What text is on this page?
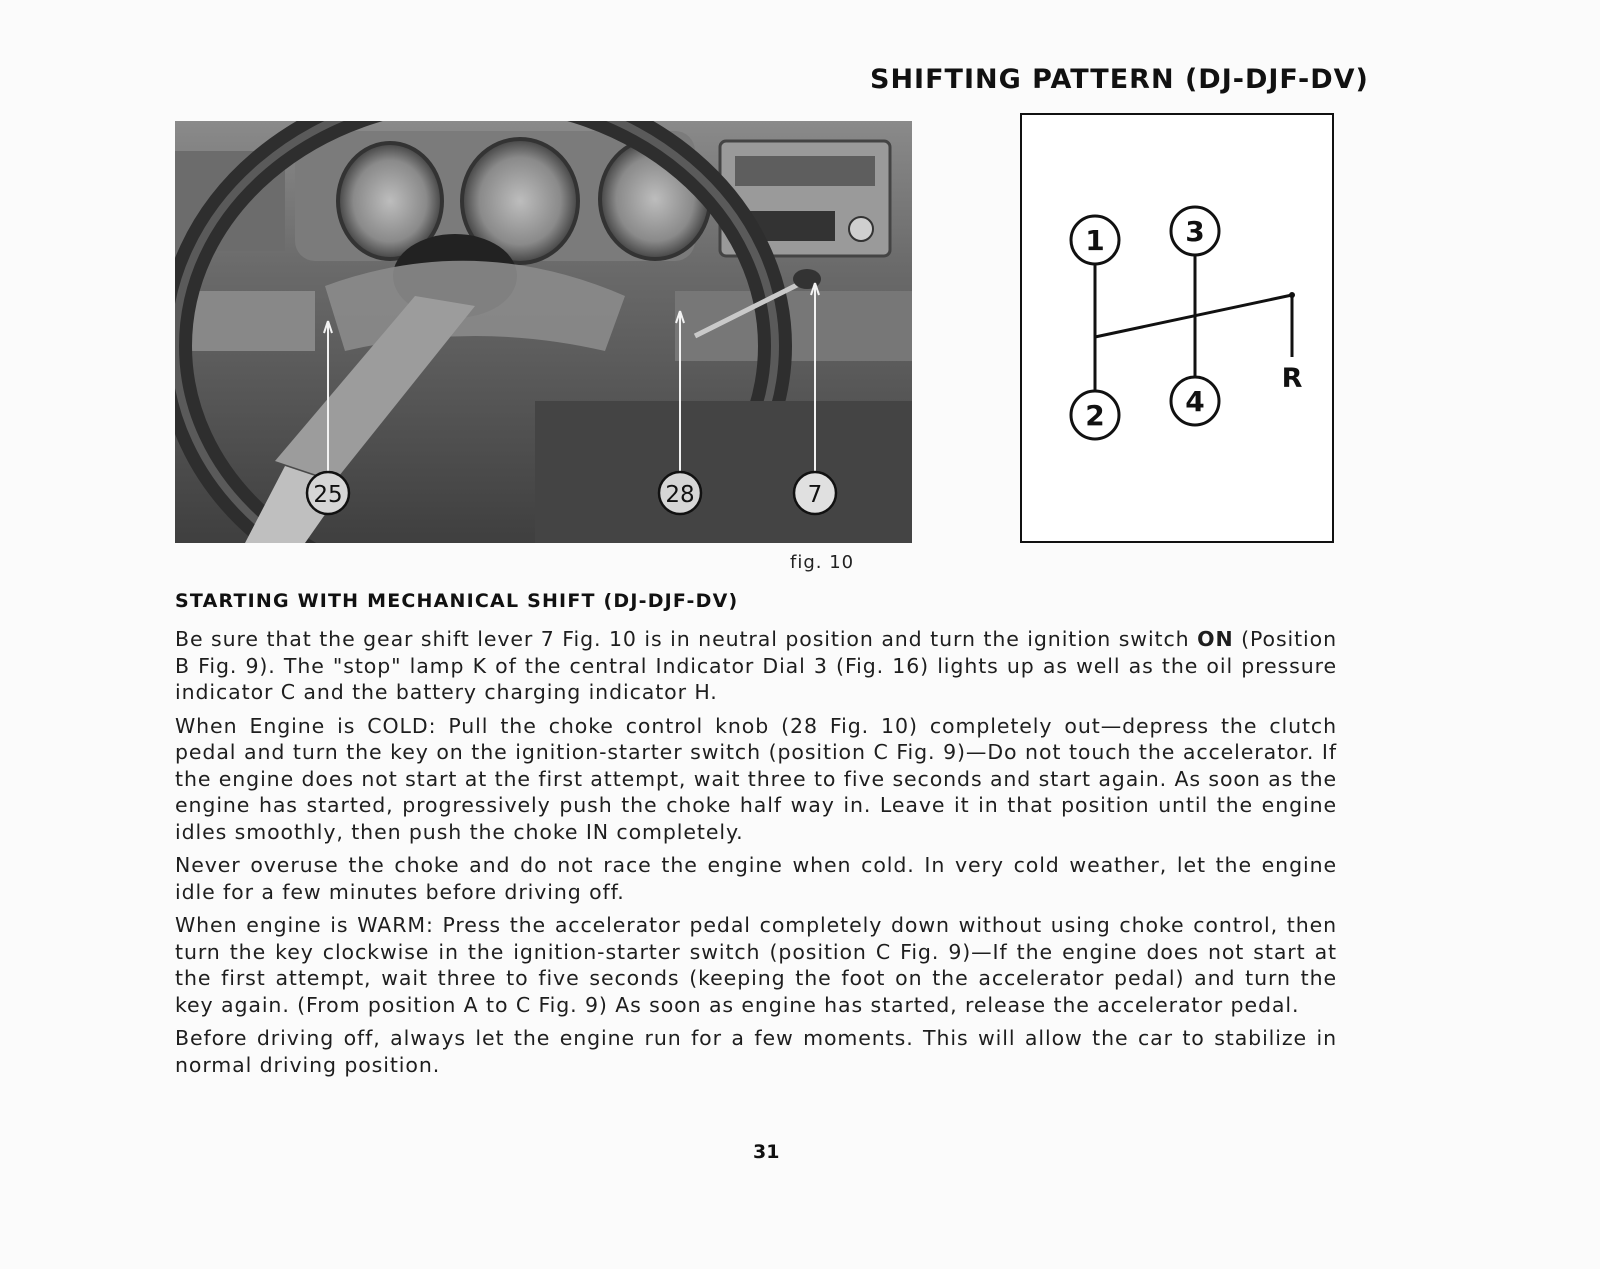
SHIFTING PATTERN (DJ-DJF-DV)
25	28	7
fig. 10
1
2
3
4
R
STARTING WITH MECHANICAL SHIFT (DJ-DJF-DV)

Be sure that the gear shift lever 7 Fig. 10 is in neutral position and turn the ignition switch ON (Position B Fig. 9). The "stop" lamp K of the central Indicator Dial 3 (Fig. 16) lights up as well as the oil pressure indicator C and the battery charging indicator H.

When Engine is COLD: Pull the choke control knob (28 Fig. 10) completely out—depress the clutch pedal and turn the key on the ignition-starter switch (position C Fig. 9)—Do not touch the accelerator. If the engine does not start at the first attempt, wait three to five seconds and start again. As soon as the engine has started, progressively push the choke half way in. Leave it in that position until the engine idles smoothly, then push the choke IN completely.

Never overuse the choke and do not race the engine when cold. In very cold weather, let the engine idle for a few minutes before driving off.

When engine is WARM: Press the accelerator pedal completely down without using choke control, then turn the key clockwise in the ignition-starter switch (position C Fig. 9)—If the engine does not start at the first attempt, wait three to five seconds (keeping the foot on the accelerator pedal) and turn the key again. (From position A to C Fig. 9) As soon as engine has started, release the accelerator pedal.

Before driving off, always let the engine run for a few moments. This will allow the car to stabilize in normal driving position.

31
